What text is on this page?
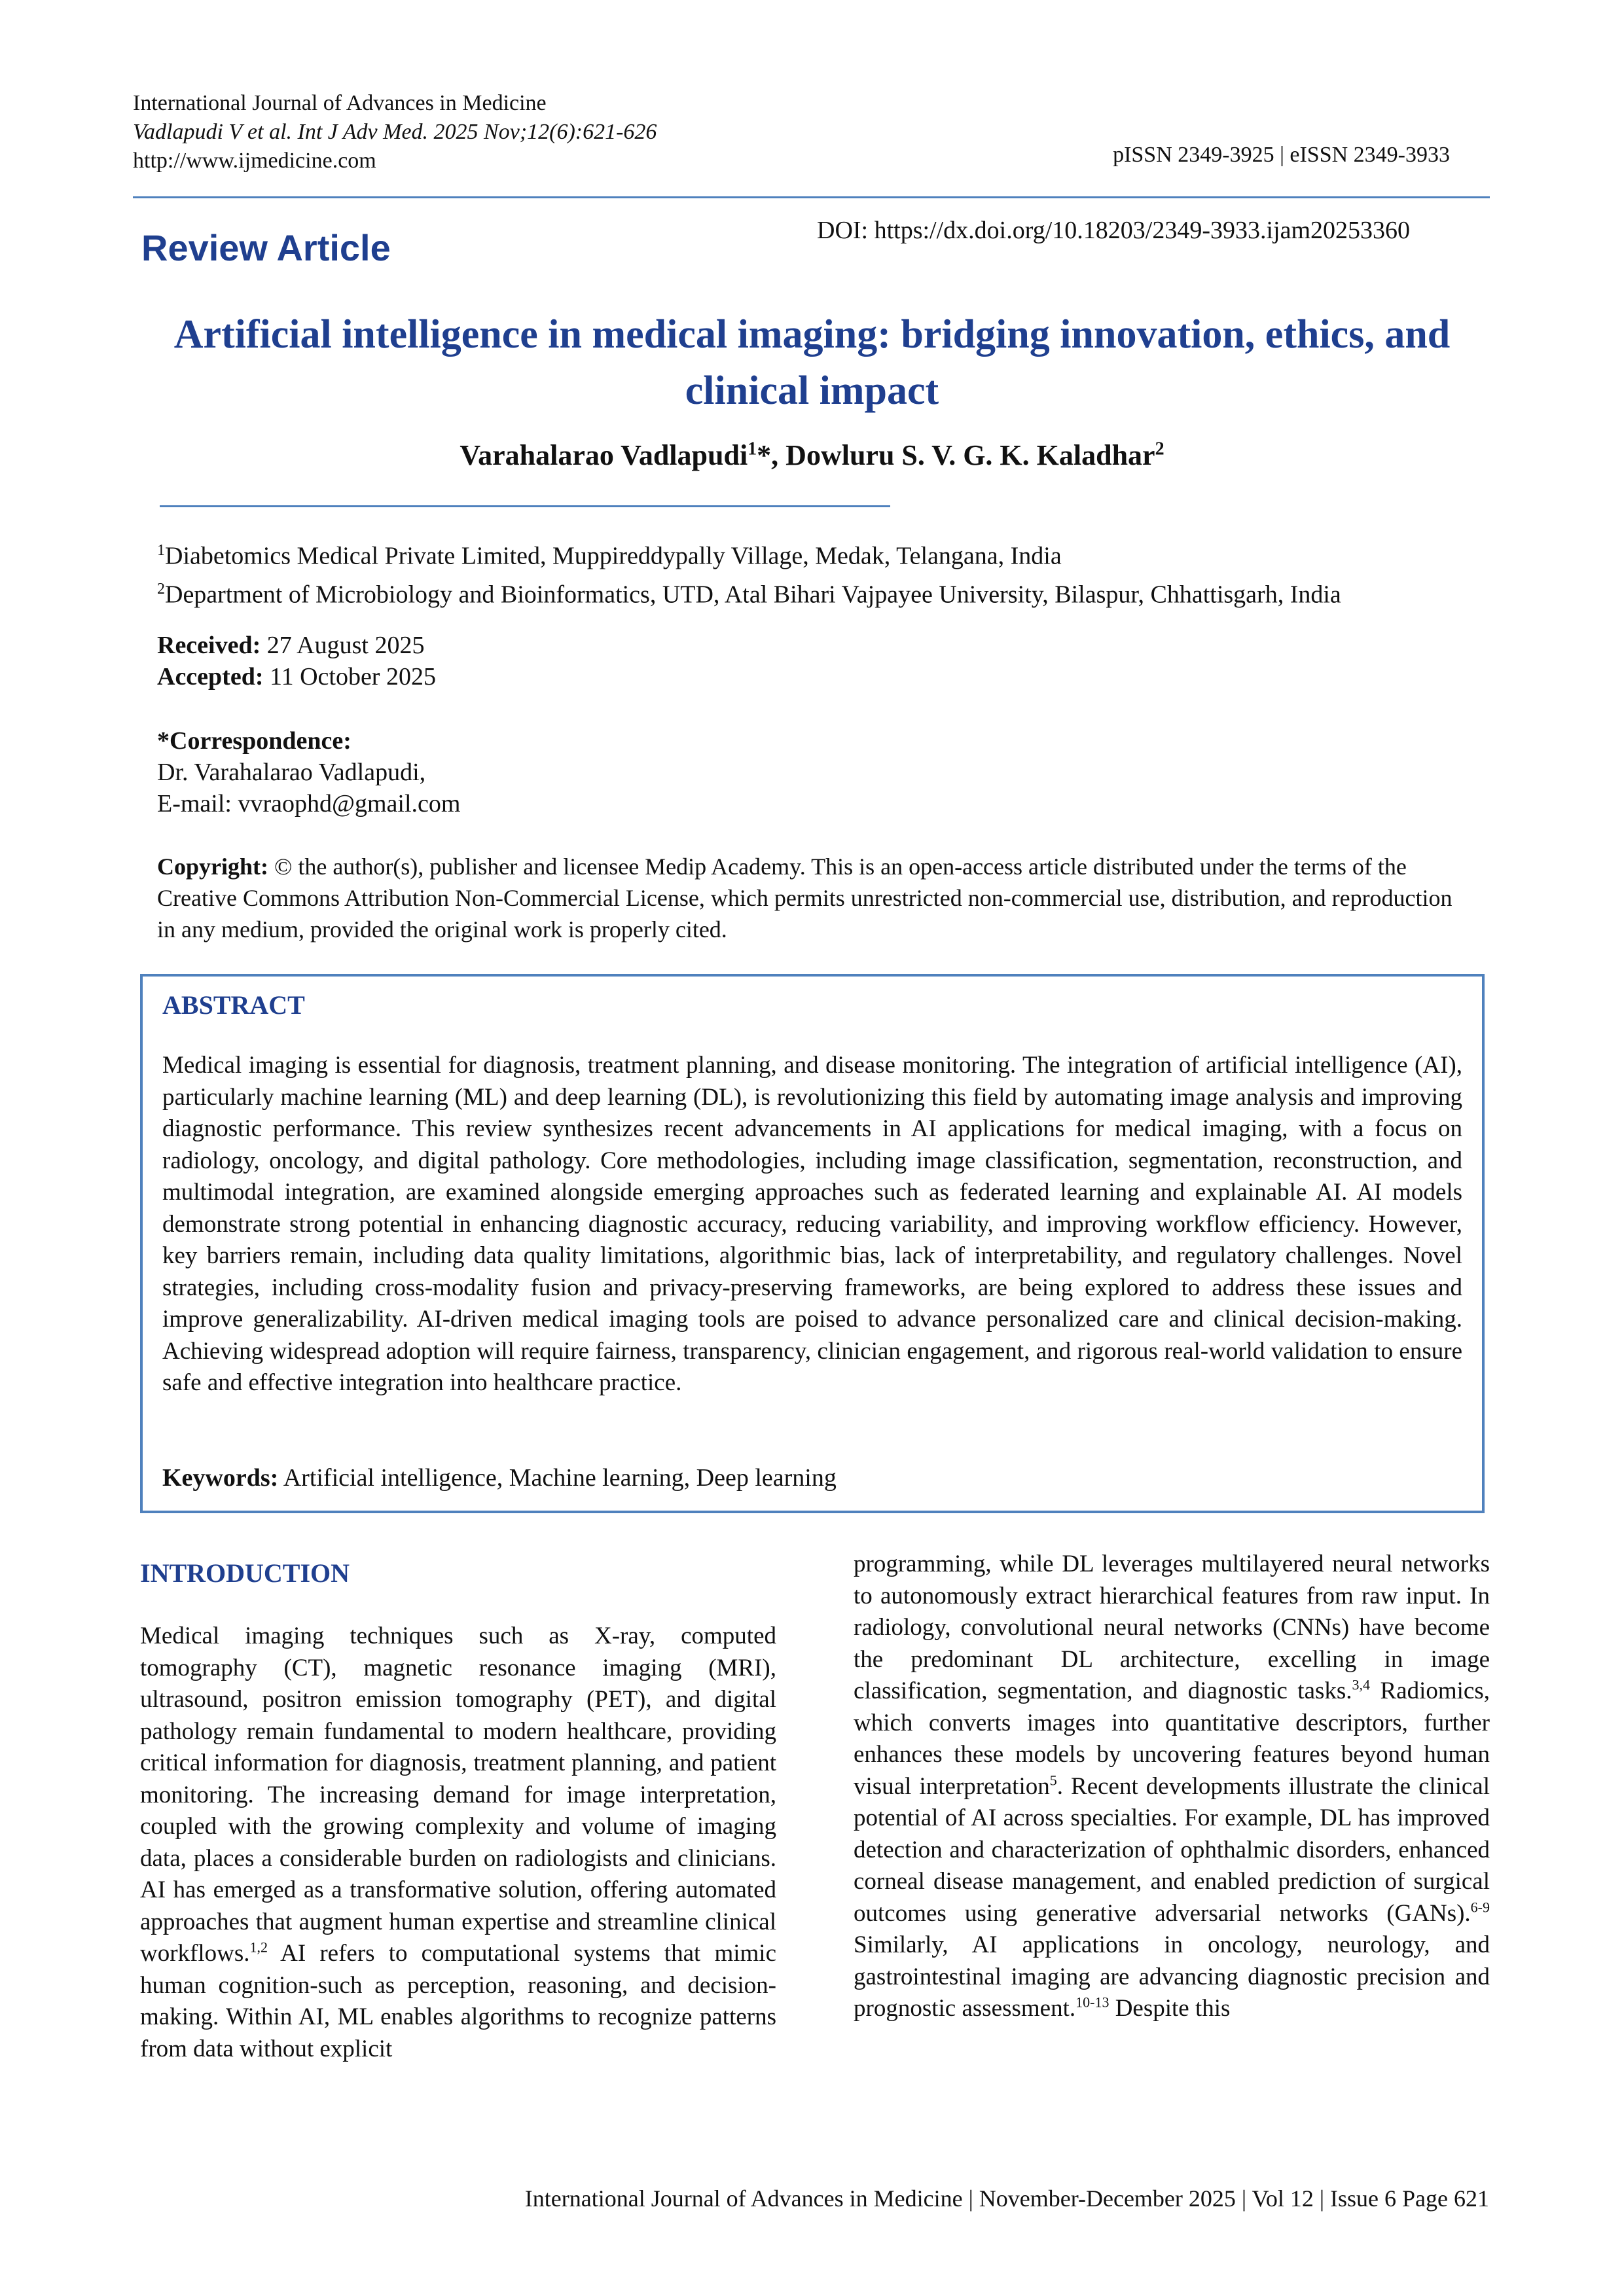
International Journal of Advances in Medicine
Vadlapudi V et al. Int J Adv Med. 2025 Nov;12(6):621-626
http://www.ijmedicine.com	pISSN 2349-3925 | eISSN 2349-3933
Review Article	DOI: https://dx.doi.org/10.18203/2349-3933.ijam20253360
Artificial intelligence in medical imaging: bridging innovation, ethics, and clinical impact
Varahalarao Vadlapudi$^1$*, Dowluru S. V. G. K. Kaladhar$^2$
$^1$Diabetomics Medical Private Limited, Muppireddypally Village, Medak, Telangana, India
$^2$Department of Microbiology and Bioinformatics, UTD, Atal Bihari Vajpayee University, Bilaspur, Chhattisgarh, India
Received: 27 August 2025
Accepted: 11 October 2025
*Correspondence:
Dr. Varahalarao Vadlapudi,
E-mail: vvraophd@gmail.com
Copyright: © the author(s), publisher and licensee Medip Academy. This is an open-access article distributed under the terms of the Creative Commons Attribution Non-Commercial License, which permits unrestricted non-commercial use, distribution, and reproduction in any medium, provided the original work is properly cited.
ABSTRACT
Medical imaging is essential for diagnosis, treatment planning, and disease monitoring. The integration of artificial intelligence (AI), particularly machine learning (ML) and deep learning (DL), is revolutionizing this field by automating image analysis and improving diagnostic performance. This review synthesizes recent advancements in AI applications for medical imaging, with a focus on radiology, oncology, and digital pathology. Core methodologies, including image classification, segmentation, reconstruction, and multimodal integration, are examined alongside emerging approaches such as federated learning and explainable AI. AI models demonstrate strong potential in enhancing diagnostic accuracy, reducing variability, and improving workflow efficiency. However, key barriers remain, including data quality limitations, algorithmic bias, lack of interpretability, and regulatory challenges. Novel strategies, including cross-modality fusion and privacy-preserving frameworks, are being explored to address these issues and improve generalizability. AI-driven medical imaging tools are poised to advance personalized care and clinical decision-making. Achieving widespread adoption will require fairness, transparency, clinician engagement, and rigorous real-world validation to ensure safe and effective integration into healthcare practice.
Keywords: Artificial intelligence, Machine learning, Deep learning
INTRODUCTION
Medical imaging techniques such as X-ray, computed tomography (CT), magnetic resonance imaging (MRI), ultrasound, positron emission tomography (PET), and digital pathology remain fundamental to modern healthcare, providing critical information for diagnosis, treatment planning, and patient monitoring. The increasing demand for image interpretation, coupled with the growing complexity and volume of imaging data, places a considerable burden on radiologists and clinicians. AI has emerged as a transformative solution, offering automated approaches that augment human expertise and streamline clinical workflows.$^{1,2}$ AI refers to computational systems that mimic human cognition-such as perception, reasoning, and decision-making. Within AI, ML enables algorithms to recognize patterns from data without explicit
programming, while DL leverages multilayered neural networks to autonomously extract hierarchical features from raw input. In radiology, convolutional neural networks (CNNs) have become the predominant DL architecture, excelling in image classification, segmentation, and diagnostic tasks.$^{3,4}$ Radiomics, which converts images into quantitative descriptors, further enhances these models by uncovering features beyond human visual interpretation$^5$. Recent developments illustrate the clinical potential of AI across specialties. For example, DL has improved detection and characterization of ophthalmic disorders, enhanced corneal disease management, and enabled prediction of surgical outcomes using generative adversarial networks (GANs).$^{6-9}$ Similarly, AI applications in oncology, neurology, and gastrointestinal imaging are advancing diagnostic precision and prognostic assessment.$^{10-13}$ Despite this
International Journal of Advances in Medicine | November-December 2025 | Vol 12 | Issue 6 Page 621
